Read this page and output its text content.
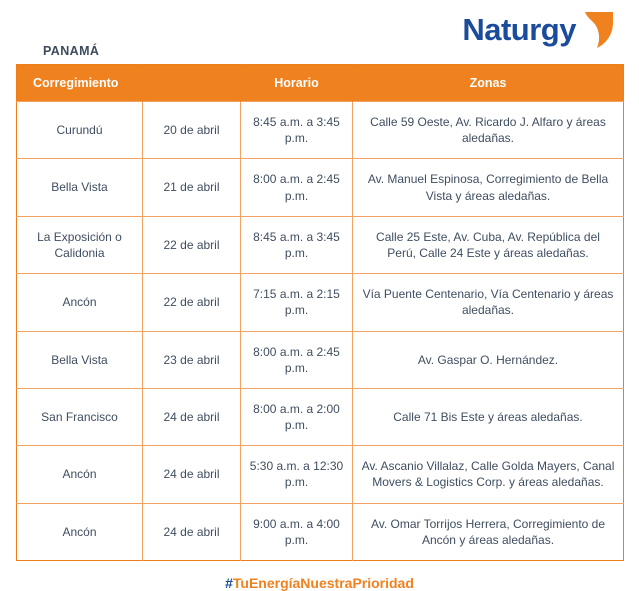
PANAMÁ
Naturgy
Corregimiento		Horario	Zonas
Curundú	20 de abril	8:45 a.m. a 3:45 p.m.	Calle 59 Oeste, Av. Ricardo J. Alfaro y áreas aledañas.
Bella Vista	21 de abril	8:00 a.m. a 2:45 p.m.	Av. Manuel Espinosa, Corregimiento de Bella Vista y áreas aledañas.
La Exposición o Calidonia	22 de abril	8:45 a.m. a 3:45 p.m.	Calle 25 Este, Av. Cuba, Av. República del Perú, Calle 24 Este y áreas aledañas.
Ancón	22 de abril	7:15 a.m. a 2:15 p.m.	Vía Puente Centenario, Vía Centenario y áreas aledañas.
Bella Vista	23 de abril	8:00 a.m. a 2:45 p.m.	Av. Gaspar O. Hernández.
San Francisco	24 de abril	8:00 a.m. a 2:00 p.m.	Calle 71 Bis Este y áreas aledañas.
Ancón	24 de abril	5:30 a.m. a 12:30 p.m.	Av. Ascanio Villalaz, Calle Golda Mayers, Canal Movers & Logistics Corp. y áreas aledañas.
Ancón	24 de abril	9:00 a.m. a 4:00 p.m.	Av. Omar Torrijos Herrera, Corregimiento de Ancón y áreas aledañas.
#TuEnergíaNuestraPrioridad
